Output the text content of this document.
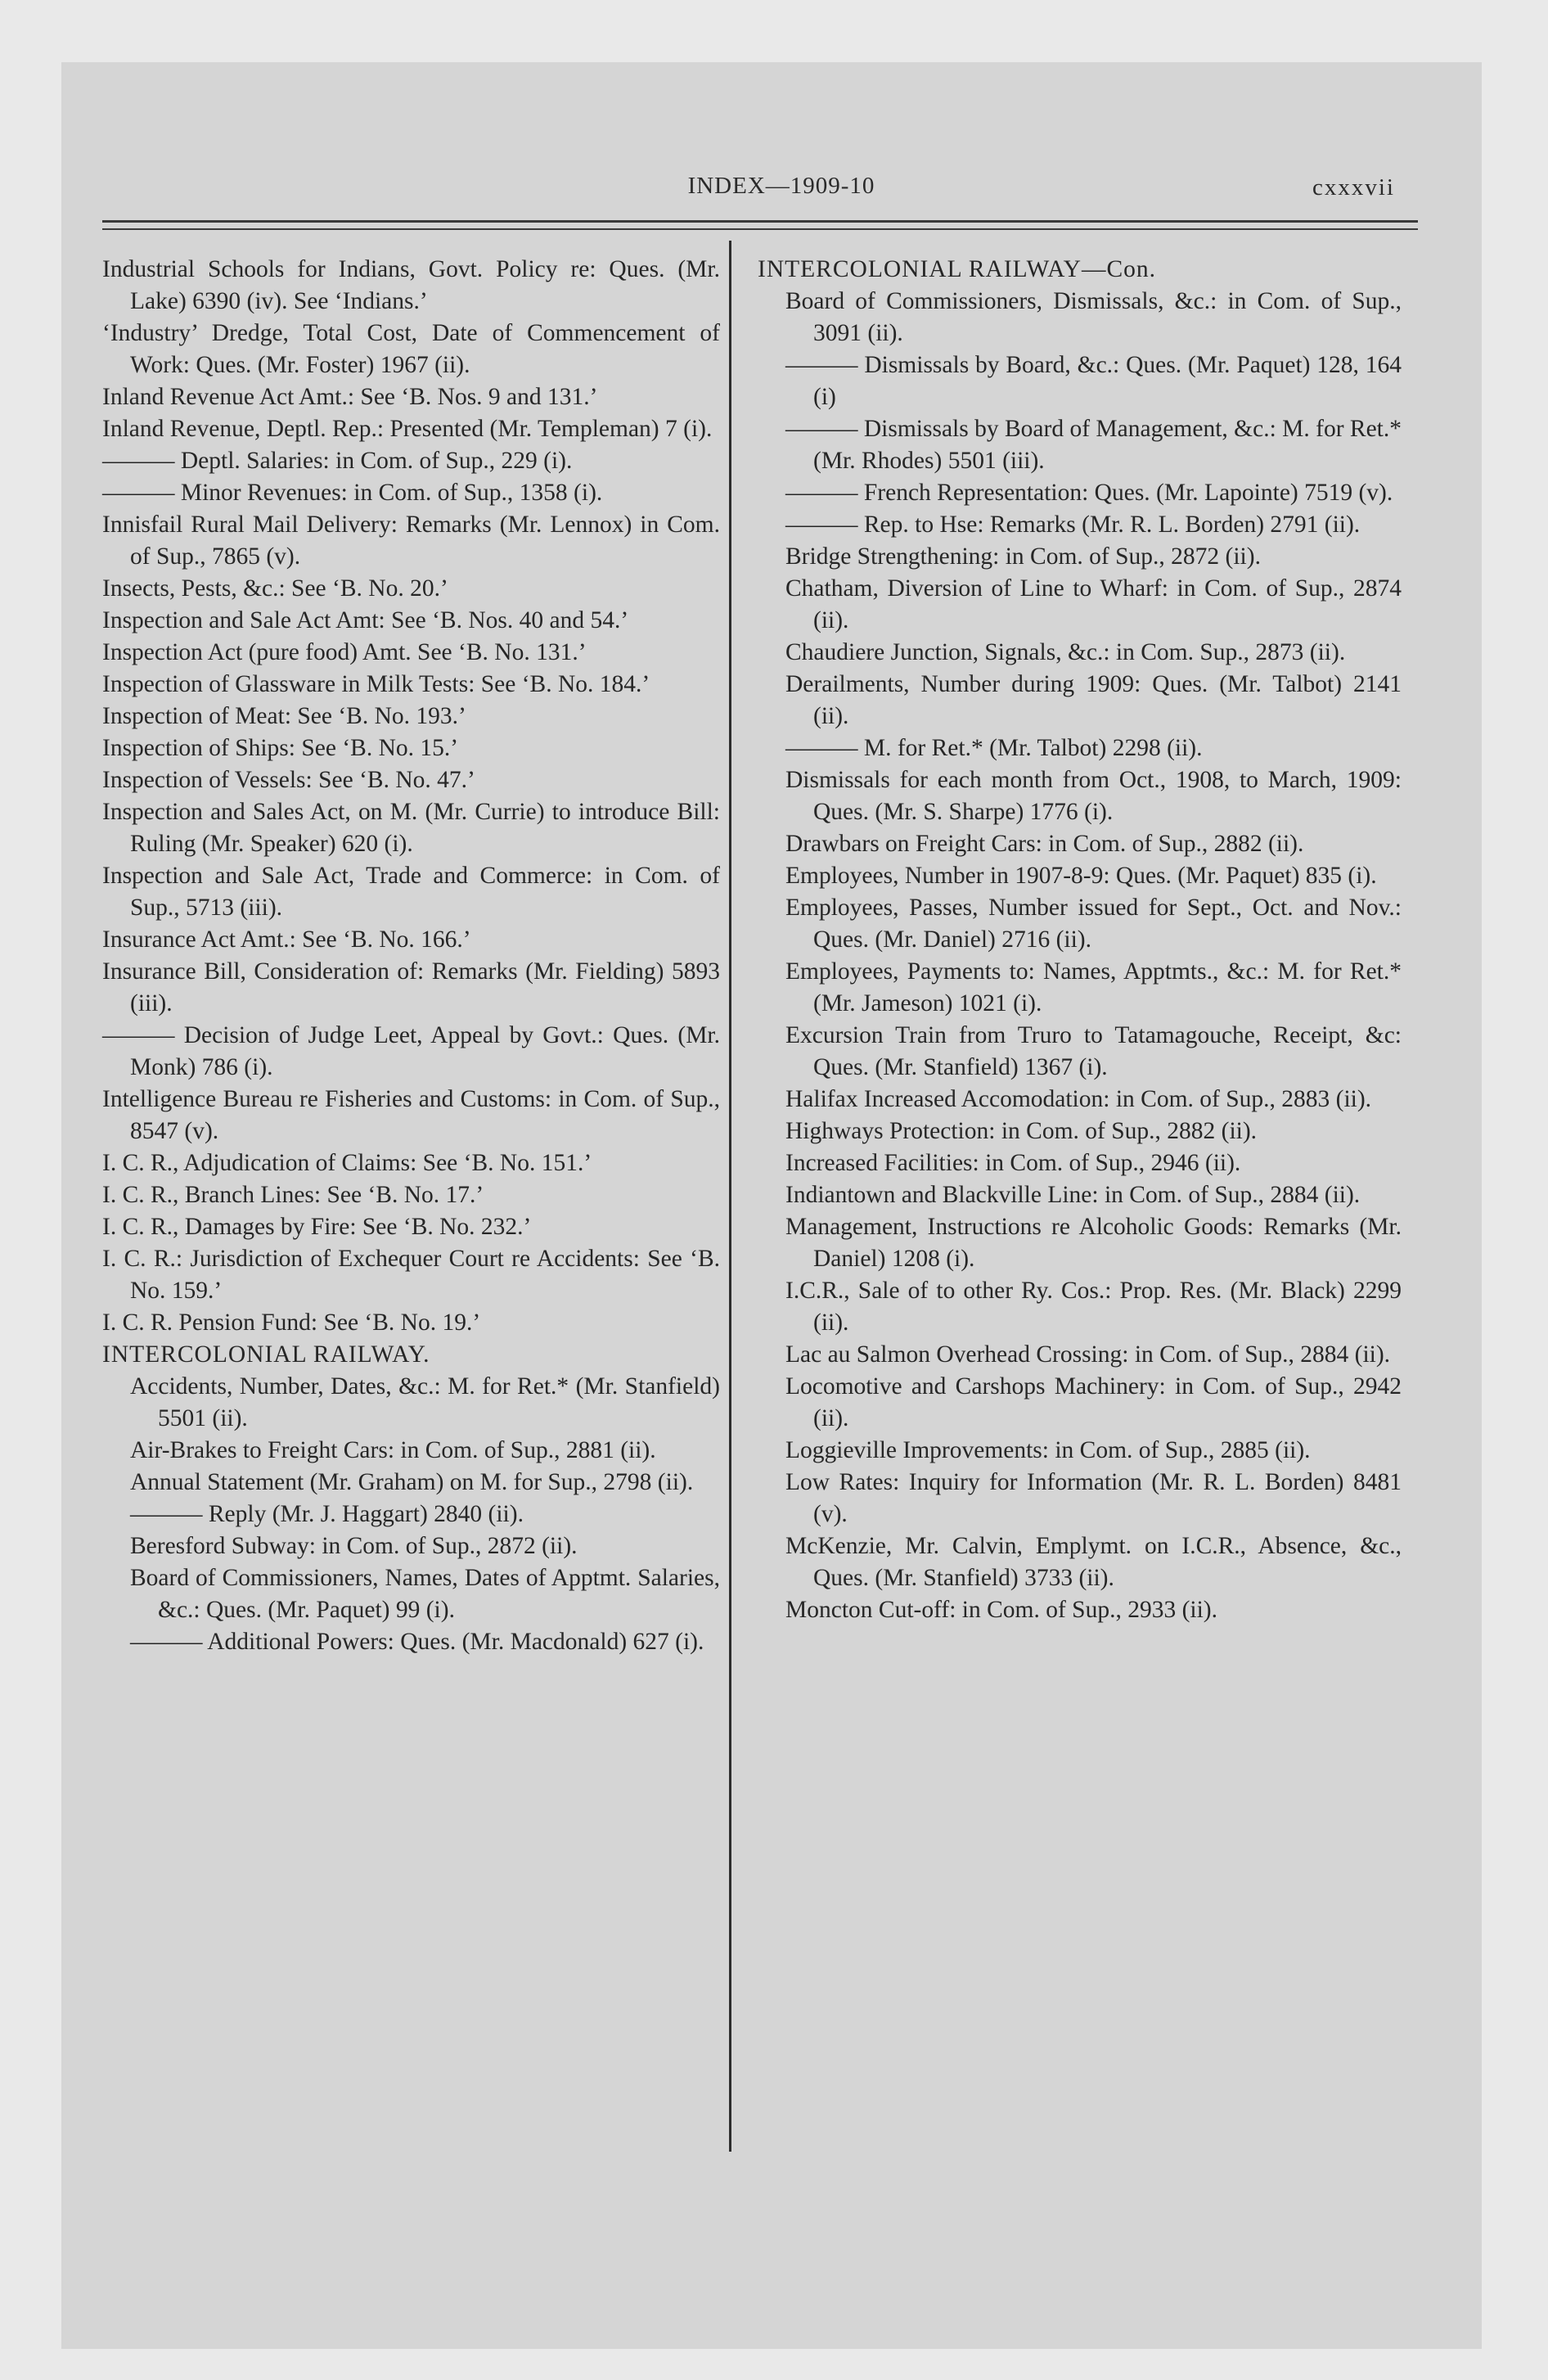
INDEX—1909-10	cxxxvii

Industrial Schools for Indians, Govt. Policy re: Ques. (Mr. Lake) 6390 (iv). See ‘Indians.’

‘Industry’ Dredge, Total Cost, Date of Commencement of Work: Ques. (Mr. Foster) 1967 (ii).

Inland Revenue Act Amt.: See ‘B. Nos. 9 and 131.’

Inland Revenue, Deptl. Rep.: Presented (Mr. Templeman) 7 (i).

——— Deptl. Salaries: in Com. of Sup., 229 (i).

——— Minor Revenues: in Com. of Sup., 1358 (i).

Innisfail Rural Mail Delivery: Remarks (Mr. Lennox) in Com. of Sup., 7865 (v).

Insects, Pests, &c.: See ‘B. No. 20.’

Inspection and Sale Act Amt: See ‘B. Nos. 40 and 54.’

Inspection Act (pure food) Amt. See ‘B. No. 131.’

Inspection of Glassware in Milk Tests: See ‘B. No. 184.’

Inspection of Meat: See ‘B. No. 193.’

Inspection of Ships: See ‘B. No. 15.’

Inspection of Vessels: See ‘B. No. 47.’

Inspection and Sales Act, on M. (Mr. Currie) to introduce Bill: Ruling (Mr. Speaker) 620 (i).

Inspection and Sale Act, Trade and Commerce: in Com. of Sup., 5713 (iii).

Insurance Act Amt.: See ‘B. No. 166.’

Insurance Bill, Consideration of: Remarks (Mr. Fielding) 5893 (iii).

——— Decision of Judge Leet, Appeal by Govt.: Ques. (Mr. Monk) 786 (i).

Intelligence Bureau re Fisheries and Customs: in Com. of Sup., 8547 (v).

I. C. R., Adjudication of Claims: See ‘B. No. 151.’

I. C. R., Branch Lines: See ‘B. No. 17.’

I. C. R., Damages by Fire: See ‘B. No. 232.’

I. C. R.: Jurisdiction of Exchequer Court re Accidents: See ‘B. No. 159.’

I. C. R. Pension Fund: See ‘B. No. 19.’

INTERCOLONIAL RAILWAY.

Accidents, Number, Dates, &c.: M. for Ret.* (Mr. Stanfield) 5501 (ii).

Air-Brakes to Freight Cars: in Com. of Sup., 2881 (ii).

Annual Statement (Mr. Graham) on M. for Sup., 2798 (ii).

——— Reply (Mr. J. Haggart) 2840 (ii).

Beresford Subway: in Com. of Sup., 2872 (ii).

Board of Commissioners, Names, Dates of Apptmt. Salaries, &c.: Ques. (Mr. Paquet) 99 (i).

——— Additional Powers: Ques. (Mr. Macdonald) 627 (i).

INTERCOLONIAL RAILWAY—Con.

Board of Commissioners, Dismissals, &c.: in Com. of Sup., 3091 (ii).

——— Dismissals by Board, &c.: Ques. (Mr. Paquet) 128, 164 (i)

——— Dismissals by Board of Management, &c.: M. for Ret.* (Mr. Rhodes) 5501 (iii).

——— French Representation: Ques. (Mr. Lapointe) 7519 (v).

——— Rep. to Hse: Remarks (Mr. R. L. Borden) 2791 (ii).

Bridge Strengthening: in Com. of Sup., 2872 (ii).

Chatham, Diversion of Line to Wharf: in Com. of Sup., 2874 (ii).

Chaudiere Junction, Signals, &c.: in Com. Sup., 2873 (ii).

Derailments, Number during 1909: Ques. (Mr. Talbot) 2141 (ii).

——— M. for Ret.* (Mr. Talbot) 2298 (ii).

Dismissals for each month from Oct., 1908, to March, 1909: Ques. (Mr. S. Sharpe) 1776 (i).

Drawbars on Freight Cars: in Com. of Sup., 2882 (ii).

Employees, Number in 1907-8-9: Ques. (Mr. Paquet) 835 (i).

Employees, Passes, Number issued for Sept., Oct. and Nov.: Ques. (Mr. Daniel) 2716 (ii).

Employees, Payments to: Names, Apptmts., &c.: M. for Ret.* (Mr. Jameson) 1021 (i).

Excursion Train from Truro to Tatamagouche, Receipt, &c: Ques. (Mr. Stanfield) 1367 (i).

Halifax Increased Accomodation: in Com. of Sup., 2883 (ii).

Highways Protection: in Com. of Sup., 2882 (ii).

Increased Facilities: in Com. of Sup., 2946 (ii).

Indiantown and Blackville Line: in Com. of Sup., 2884 (ii).

Management, Instructions re Alcoholic Goods: Remarks (Mr. Daniel) 1208 (i).

I.C.R., Sale of to other Ry. Cos.: Prop. Res. (Mr. Black) 2299 (ii).

Lac au Salmon Overhead Crossing: in Com. of Sup., 2884 (ii).

Locomotive and Carshops Machinery: in Com. of Sup., 2942 (ii).

Loggieville Improvements: in Com. of Sup., 2885 (ii).

Low Rates: Inquiry for Information (Mr. R. L. Borden) 8481 (v).

McKenzie, Mr. Calvin, Emplymt. on I.C.R., Absence, &c., Ques. (Mr. Stanfield) 3733 (ii).

Moncton Cut-off: in Com. of Sup., 2933 (ii).
